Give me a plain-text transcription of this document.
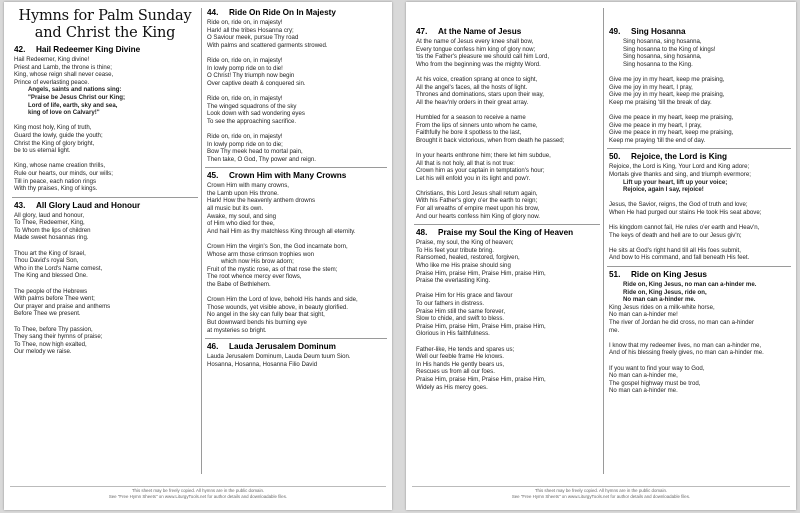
Hymns for Palm Sunday and Christ the King
42. Hail Redeemer King Divine
Hail Redeemer, King divine!
Priest and Lamb, the throne is thine;
King, whose reign shall never cease,
Prince of everlasting peace.
Angels, saints and nations sing:
"Praise be Jesus Christ our King;
Lord of life, earth, sky and sea,
king of love on Calvary!"
King most holy, King of truth,
Guard the lowly, guide the youth;
Christ the King of glory bright,
be to us eternal light.
King, whose name creation thrills,
Rule our hearts, our minds, our wills;
Till in peace, each nation rings
With thy praises, King of kings.
43. All Glory Laud and Honour
All glory, laud and honour,
To Thee, Redeemer, King,
To Whom the lips of children
Made sweet hosannas ring.
Thou art the King of Israel,
Thou David's royal Son,
Who in the Lord's Name comest,
The King and blessed One.
The people of the Hebrews
With palms before Thee went;
Our prayer and praise and anthems
Before Thee we present.
To Thee, before Thy passion,
They sang their hymns of praise;
To Thee, now high exalted,
Our melody we raise.
44. Ride On Ride On In Majesty
Ride on, ride on, in majesty!
Hark! all the tribes Hosanna cry;
O Saviour meek, pursue Thy road
With palms and scattered garments strowed.
Ride on, ride on, in majesty!
In lowly pomp ride on to die!
O Christ! Thy triumph now begin
Over captive death & conquered sin.
Ride on, ride on, in majesty!
The winged squadrons of the sky
Look down with sad wondering eyes
To see the approaching sacrifice.
Ride on, ride on, in majesty!
In lowly pomp ride on to die;
Bow Thy meek head to mortal pain,
Then take, O God, Thy power and reign.
45. Crown Him with Many Crowns
Crown Him with many crowns,
the Lamb upon His throne.
Hark! How the heavenly anthem drowns
all music but its own.
Awake, my soul, and sing
of Him who died for thee,
And hail Him as thy matchless King through all eternity.
Crown Him the virgin's Son, the God incarnate born,
Whose arm those crimson trophies won
which now His brow adorn;
Fruit of the mystic rose, as of that rose the stem;
The root whence mercy ever flows,
the Babe of Bethlehem.
Crown Him the Lord of love, behold His hands and side,
Those wounds, yet visible above, in beauty glorified.
No angel in the sky can fully bear that sight,
But downward bends his burning eye
at mysteries so bright.
46. Lauda Jerusalem Dominum
Lauda Jerusalem Dominum, Lauda Deum tuum Sion.
Hosanna, Hosanna, Hosanna Filio David
This sheet may be freely copied. All hymns are in the public domain.
See "Free Hymn Sheets" on www.LiturgyTools.net for author details and downloadable files.
47. At the Name of Jesus
At the name of Jesus every knee shall bow,
Every tongue confess him king of glory now;
'tis the Father's pleasure we should call him Lord,
Who from the beginning was the mighty Word.
At his voice, creation sprang at once to sight,
All the angel's faces, all the hosts of light.
Thrones and dominations, stars upon their way,
All the heav'nly orders in their great array.
Humbled for a season to receive a name
From the lips of sinners unto whom he came,
Faithfully he bore it spotless to the last,
Brought it back victorious, when from death he passed;
In your hearts enthrone him; there let him subdue,
All that is not holy, all that is not true:
Crown him as your captain in temptation's hour;
Let his will enfold you in its light and pow'r.
Christians, this Lord Jesus shall return again,
With his Father's glory o'er the earth to reign;
For all wreaths of empire meet upon his brow,
And our hearts confess him King of glory now.
48. Praise my Soul the King of Heaven
Praise, my soul, the King of heaven;
To His feet your tribute bring.
Ransomed, healed, restored, forgiven,
Who like me His praise should sing
Praise Him, praise Him, Praise Him, praise Him,
Praise the everlasting King.
Praise Him for His grace and favour
To our fathers in distress.
Praise Him still the same forever,
Slow to chide, and swift to bless.
Praise Him, praise Him, Praise Him, praise Him,
Glorious in His faithfulness.
Father-like, He tends and spares us;
Well our feeble frame He knows.
In His hands He gently bears us,
Rescues us from all our foes.
Praise Him, praise Him, Praise Him, praise Him,
Widely as His mercy goes.
49. Sing Hosanna
Sing hosanna, sing hosanna,
Sing hosanna to the King of kings!
Sing hosanna, sing hosanna,
Sing hosanna to the King.
Give me joy in my heart, keep me praising,
Give me joy in my heart, I pray,
Give me joy in my heart, keep me praising,
Keep me praising 'till the break of day.
Give me peace in my heart, keep me praising,
Give me peace in my heart, I pray,
Give me peace in my heart, keep me praising,
Keep me praying 'till the end of day.
50. Rejoice, the Lord is King
Rejoice, the Lord is King, Your Lord and King adore;
Mortals give thanks and sing, and triumph evermore;
Lift up your heart, lift up your voice;
Rejoice, again I say, rejoice!
Jesus, the Savior, reigns, the God of truth and love;
When He had purged our stains He took His seat above;
His kingdom cannot fail, He rules o'er earth and Heav'n,
The keys of death and hell are to our Jesus giv'n;
He sits at God's right hand till all His foes submit,
And bow to His command, and fall beneath His feet.
51. Ride on King Jesus
Ride on, King Jesus, no man can a-hinder me.
Ride on, King Jesus, ride on,
No man can a-hinder me.
King Jesus rides on a milk-white horse,
No man can a-hinder me!
The river of Jordan he did cross, no man can a-hinder
me.
I know that my redeemer lives, no man can a-hinder me,
And of his blessing freely gives, no man can a-hinder me.
If you want to find your way to God,
No man can a-hinder me,
The gospel highway must be trod,
No man can a-hinder me.
This sheet may be freely copied. All hymns are in the public domain.
See "Free Hymn Sheets" on www.LiturgyTools.net for author details and downloadable files.
